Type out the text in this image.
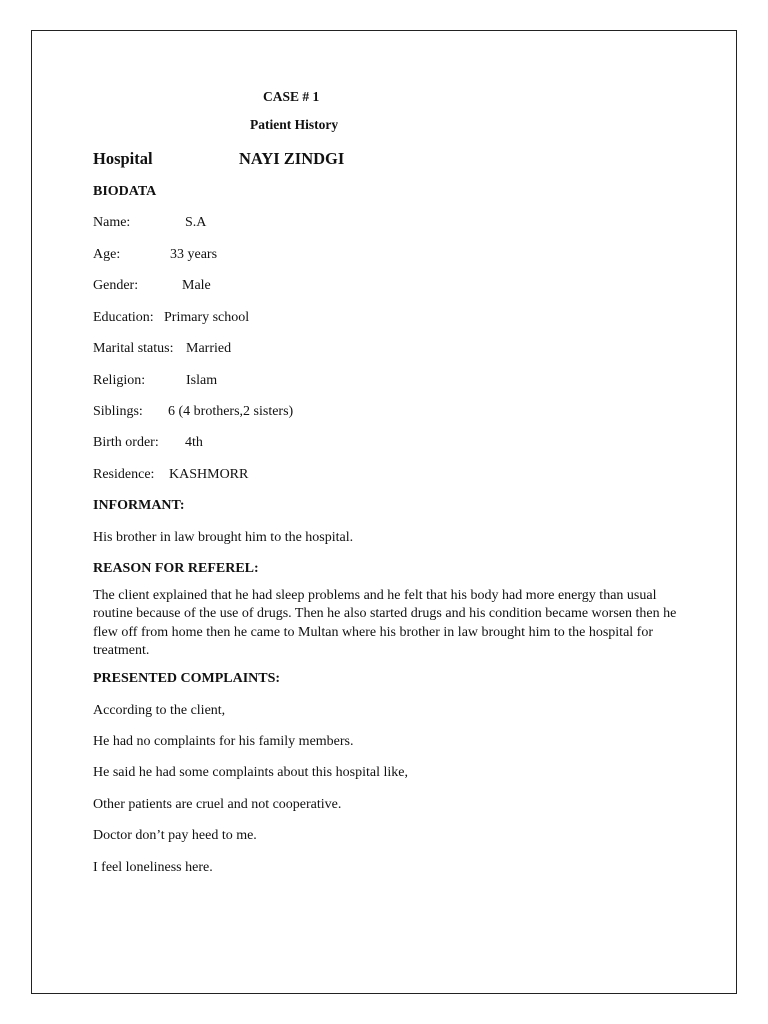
CASE # 1
Patient History
Hospital	NAYI ZINDGI
BIODATA
Name:	S.A
Age:	33 years
Gender:	Male
Education: Primary school
Marital status: Married
Religion:	Islam
Siblings: 6 (4 brothers,2 sisters)
Birth order: 4th
Residence: KASHMORR
INFORMANT:
His brother in law brought him to the hospital.
REASON FOR REFEREL:
The client explained that he had sleep problems and he felt that his body had more energy than usual routine because of the use of drugs. Then he also started drugs and his condition became worsen then he flew off from home then he came to Multan where his brother in law brought him to the hospital for treatment.
PRESENTED COMPLAINTS:
According to the client,
He had no complaints for his family members.
He said he had some complaints about this hospital like,
Other patients are cruel and not cooperative.
Doctor don’t pay heed to me.
I feel loneliness here.
